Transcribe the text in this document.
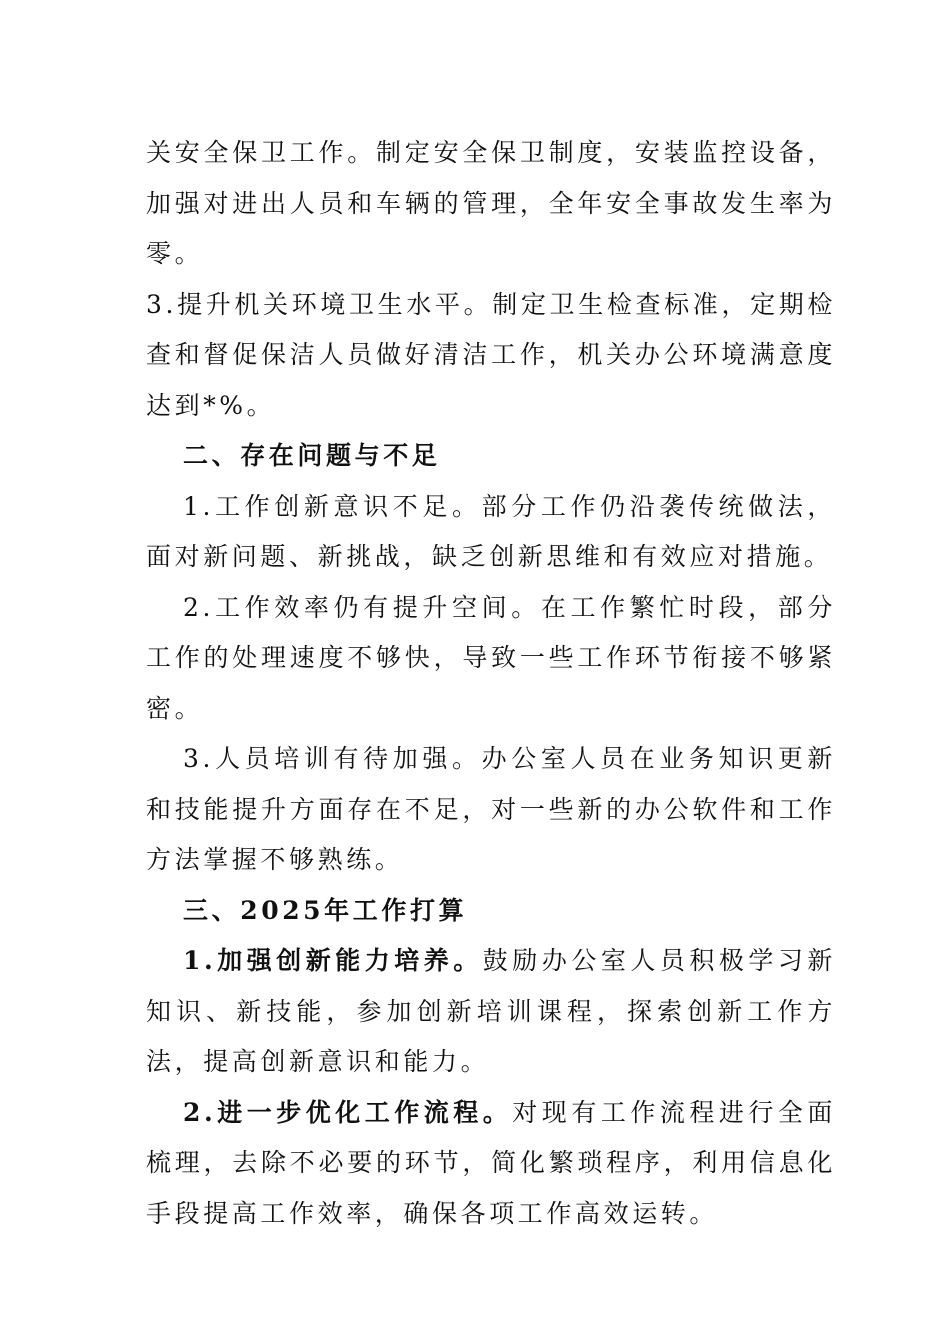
关安全保卫工作。制定安全保卫制度，安装监控设备，加强对进出人员和车辆的管理，全年安全事故发生率为零。

3.提升机关环境卫生水平。制定卫生检查标准，定期检查和督促保洁人员做好清洁工作，机关办公环境满意度达到*%。

二、存在问题与不足

1.工作创新意识不足。部分工作仍沿袭传统做法，面对新问题、新挑战，缺乏创新思维和有效应对措施。

2.工作效率仍有提升空间。在工作繁忙时段，部分工作的处理速度不够快，导致一些工作环节衔接不够紧密。

3.人员培训有待加强。办公室人员在业务知识更新和技能提升方面存在不足，对一些新的办公软件和工作方法掌握不够熟练。

三、2025年工作打算

1.加强创新能力培养。鼓励办公室人员积极学习新知识、新技能，参加创新培训课程，探索创新工作方法，提高创新意识和能力。

2.进一步优化工作流程。对现有工作流程进行全面梳理，去除不必要的环节，简化繁琐程序，利用信息化手段提高工作效率，确保各项工作高效运转。
